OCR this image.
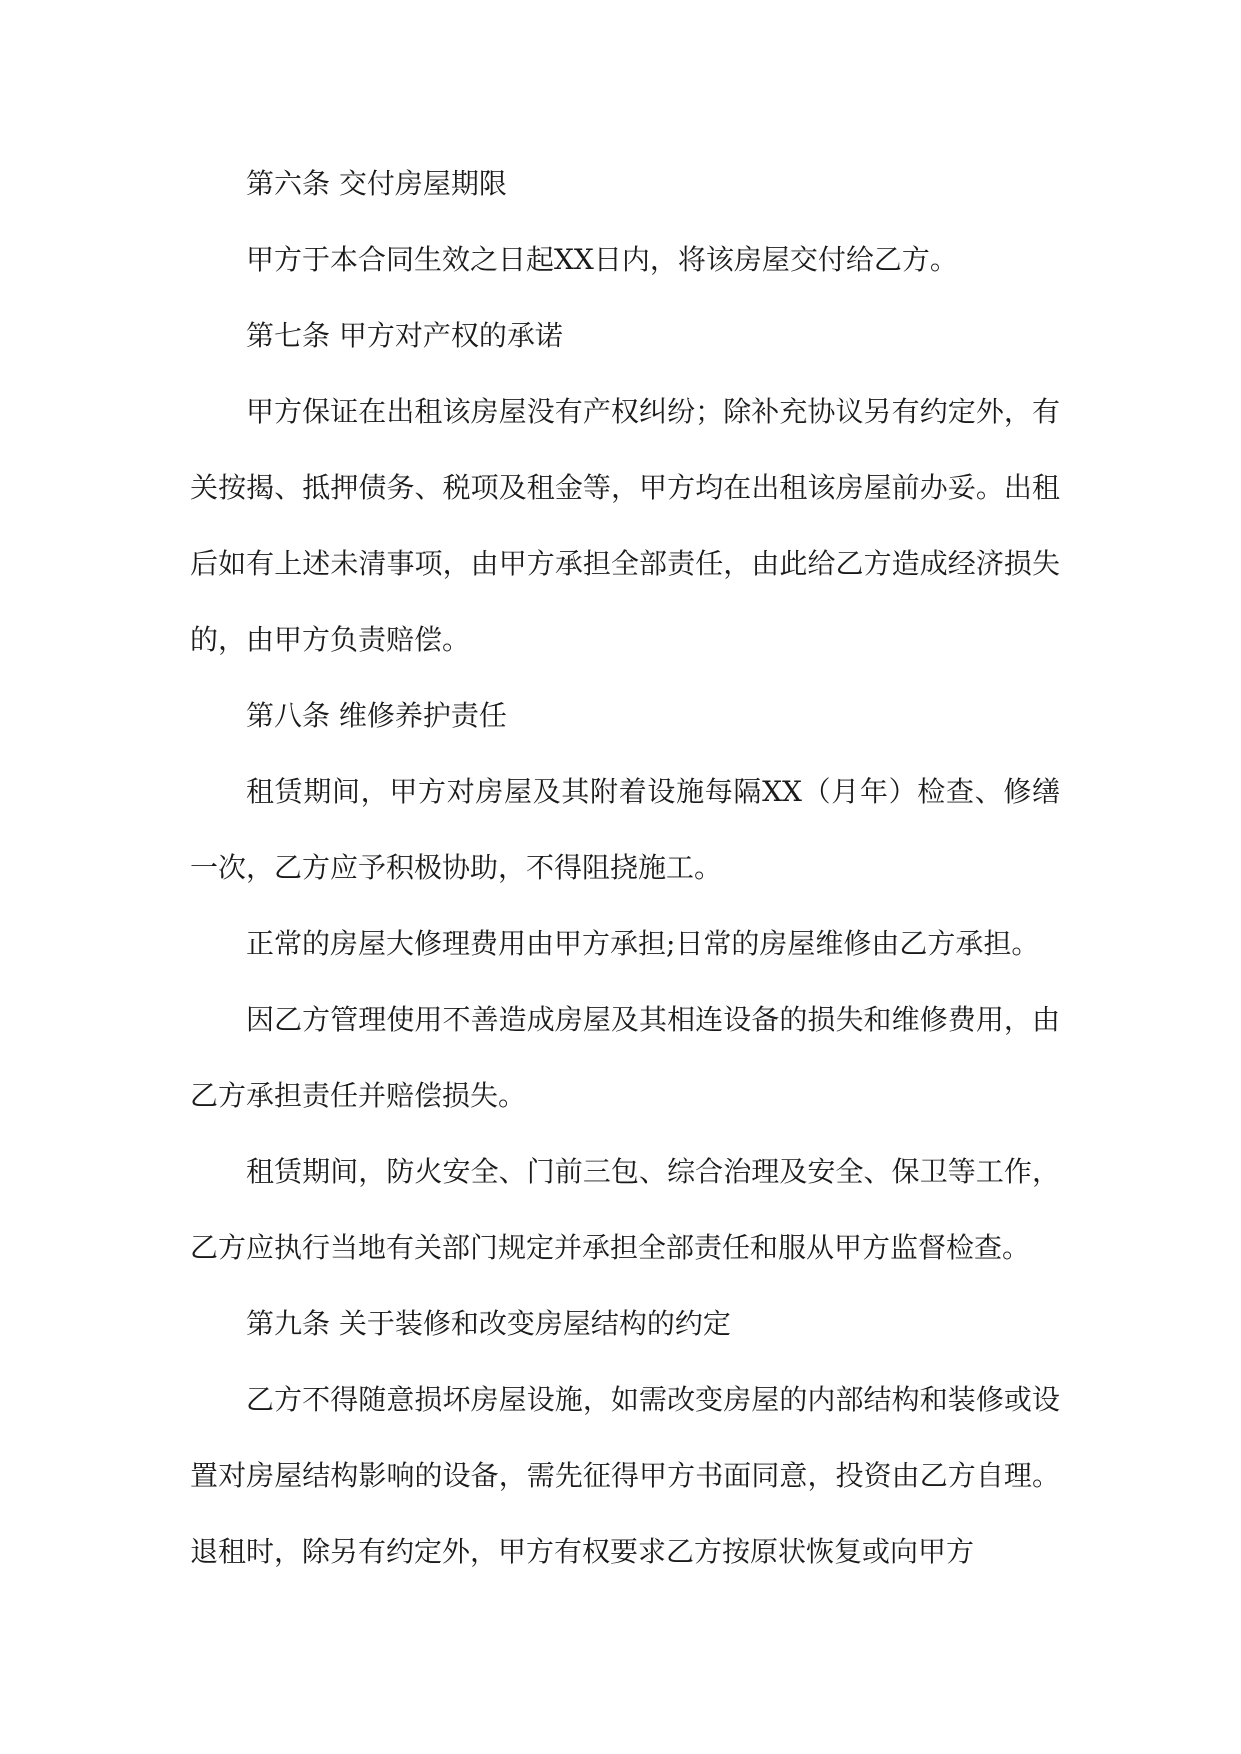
第六条 交付房屋期限

甲方于本合同生效之日起XX日内，将该房屋交付给乙方。

第七条 甲方对产权的承诺

甲方保证在出租该房屋没有产权纠纷；除补充协议另有约定外，有关按揭、抵押债务、税项及租金等，甲方均在出租该房屋前办妥。出租后如有上述未清事项，由甲方承担全部责任，由此给乙方造成经济损失的，由甲方负责赔偿。

第八条 维修养护责任

租赁期间，甲方对房屋及其附着设施每隔XX（月年）检查、修缮一次，乙方应予积极协助，不得阻挠施工。

正常的房屋大修理费用由甲方承担;日常的房屋维修由乙方承担。

因乙方管理使用不善造成房屋及其相连设备的损失和维修费用，由乙方承担责任并赔偿损失。

租赁期间，防火安全、门前三包、综合治理及安全、保卫等工作，乙方应执行当地有关部门规定并承担全部责任和服从甲方监督检查。

第九条 关于装修和改变房屋结构的约定

乙方不得随意损坏房屋设施，如需改变房屋的内部结构和装修或设置对房屋结构影响的设备，需先征得甲方书面同意，投资由乙方自理。退租时，除另有约定外，甲方有权要求乙方按原状恢复或向甲方
